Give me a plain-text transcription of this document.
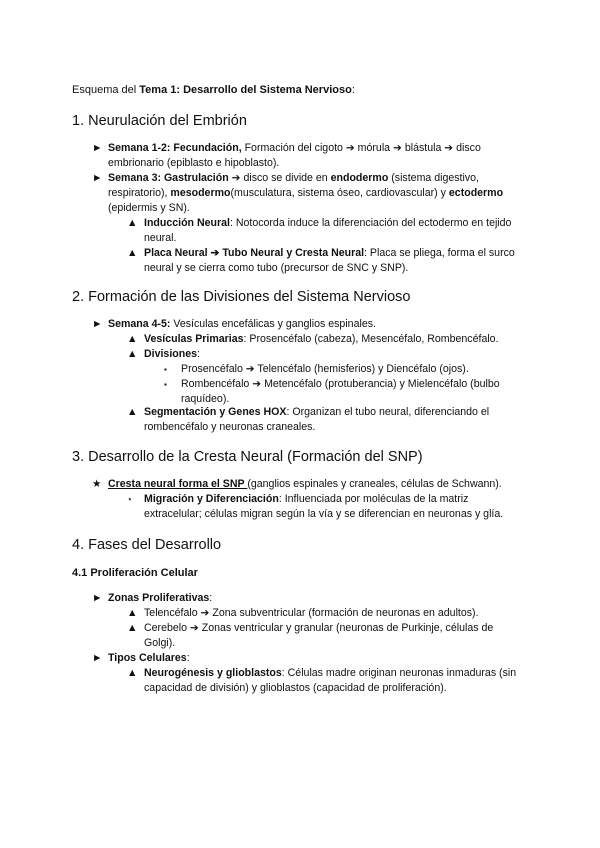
Esquema del Tema 1: Desarrollo del Sistema Nervioso:
1. Neurulación del Embrión
► Semana 1-2: Fecundación, Formación del cigoto ➔ mórula ➔ blástula ➔ disco embrionario (epiblasto e hipoblasto).
► Semana 3: Gastrulación ➔ disco se divide en endodermo (sistema digestivo, respiratorio), mesodermo(musculatura, sistema óseo, cardiovascular) y ectodermo (epidermis y SN).
▲ Inducción Neural: Notocorda induce la diferenciación del ectodermo en tejido neural.
▲ Placa Neural ➔ Tubo Neural y Cresta Neural: Placa se pliega, forma el surco neural y se cierra como tubo (precursor de SNC y SNP).
2. Formación de las Divisiones del Sistema Nervioso
► Semana 4-5: Vesículas encefálicas y ganglios espinales.
▲ Vesículas Primarias: Prosencéfalo (cabeza), Mesencéfalo, Rombencéfalo.
▲ Divisiones:
▪ Prosencéfalo ➔ Telencéfalo (hemisferios) y Diencéfalo (ojos).
▪ Rombencéfalo ➔ Metencéfalo (protuberancia) y Mielencéfalo (bulbo raquídeo).
▲ Segmentación y Genes HOX: Organizan el tubo neural, diferenciando el rombencéfalo y neuronas craneales.
3. Desarrollo de la Cresta Neural (Formación del SNP)
★ Cresta neural forma el SNP (ganglios espinales y craneales, células de Schwann).
⋆ Migración y Diferenciación: Influenciada por moléculas de la matriz extracelular; células migran según la vía y se diferencian en neuronas y glía.
4. Fases del Desarrollo
4.1 Proliferación Celular
► Zonas Proliferativas:
▲ Telencéfalo ➔ Zona subventricular (formación de neuronas en adultos).
▲ Cerebelo ➔ Zonas ventricular y granular (neuronas de Purkinje, células de Golgi).
► Tipos Celulares:
▲ Neurogénesis y glioblastos: Células madre originan neuronas inmaduras (sin capacidad de división) y glioblastos (capacidad de proliferación).
